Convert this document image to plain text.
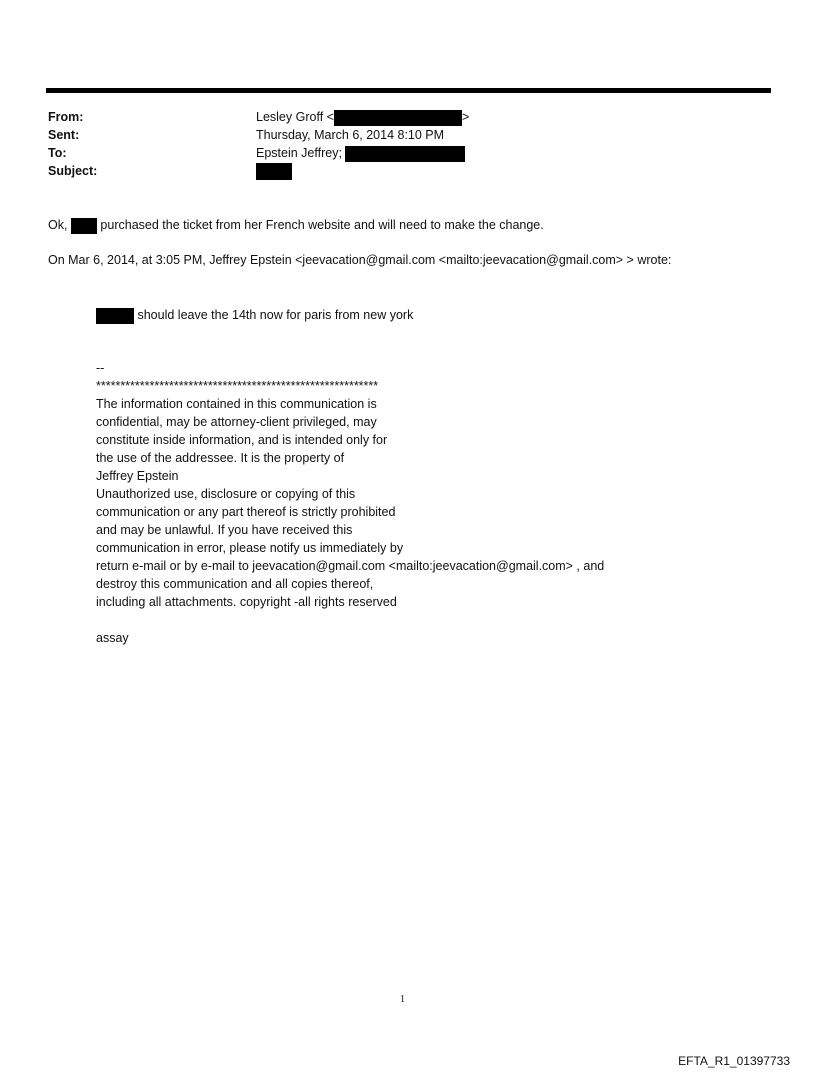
From:
Sent:
To:
Subject:
Lesley Groff <	>
Thursday, March 6, 2014 8:10 PM
Epstein Jeffrey;
Ok,	purchased the ticket from her French website and will need to make the change.
On Mar 6, 2014, at 3:05 PM, Jeffrey Epstein <jeevacation@gmail.com <mailto:jeevacation@gmail.com> > wrote:
should leave the 14th now for paris from new york
--
**********************************************************
The information contained in this communication is
confidential, may be attorney-client privileged, may
constitute inside information, and is intended only for
the use of the addressee. It is the property of
Jeffrey Epstein
Unauthorized use, disclosure or copying of this
communication or any part thereof is strictly prohibited
and may be unlawful. If you have received this
communication in error, please notify us immediately by
return e-mail or by e-mail to jeevacation@gmail.com <mailto:jeevacation@gmail.com> , and
destroy this communication and all copies thereof,
including all attachments. copyright -all rights reserved
assay
1
EFTA_R1_01397733
